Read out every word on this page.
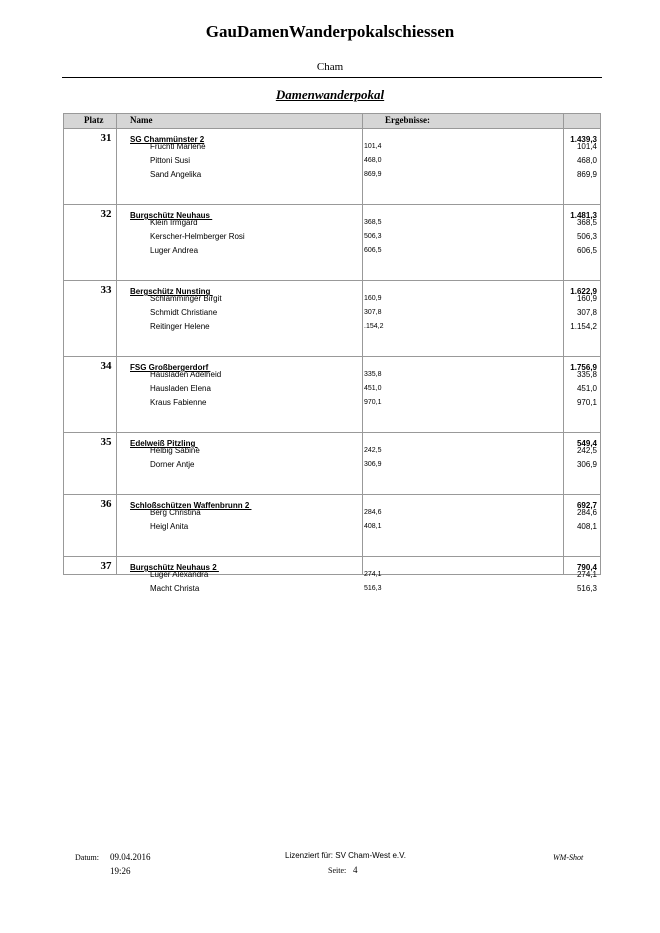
GauDamenWanderpokalschiessen
Cham
Damenwanderpokal
Platz	Name	Ergebnisse:
31	SG Chammünster 2	1.439,3
Früchtl Marlene	101,4	101,4
Pittoni Susi	468,0	468,0
Sand Angelika	869,9	869,9
32	Burgschütz Neuhaus	1.481,3
Klein Irmgard	368,5	368,5
Kerscher-Helmberger Rosi	506,3	506,3
Luger Andrea	606,5	606,5
33	Bergschütz Nunsting	1.622,9
Schlamminger Birgit	160,9	160,9
Schmidt Christiane	307,8	307,8
Reitinger Helene	.154,2	1.154,2
34	FSG Großbergerdorf	1.756,9
Hausladen Adelheid	335,8	335,8
Hausladen Elena	451,0	451,0
Kraus Fabienne	970,1	970,1
35	Edelweiß Pitzling	549,4
Helbig Sabine	242,5	242,5
Dorner Antje	306,9	306,9
36	Schloßschützen Waffenbrunn 2	692,7
Berg Christina	284,6	284,6
Heigl Anita	408,1	408,1
37	Burgschütz Neuhaus 2	790,4
Luger Alexandra	274,1	274,1
Macht Christa	516,3	516,3
Datum: 09.04.2016
19:26
Lizenziert für: SV Cham-West e.V.
Seite: 4
WM-Shot
